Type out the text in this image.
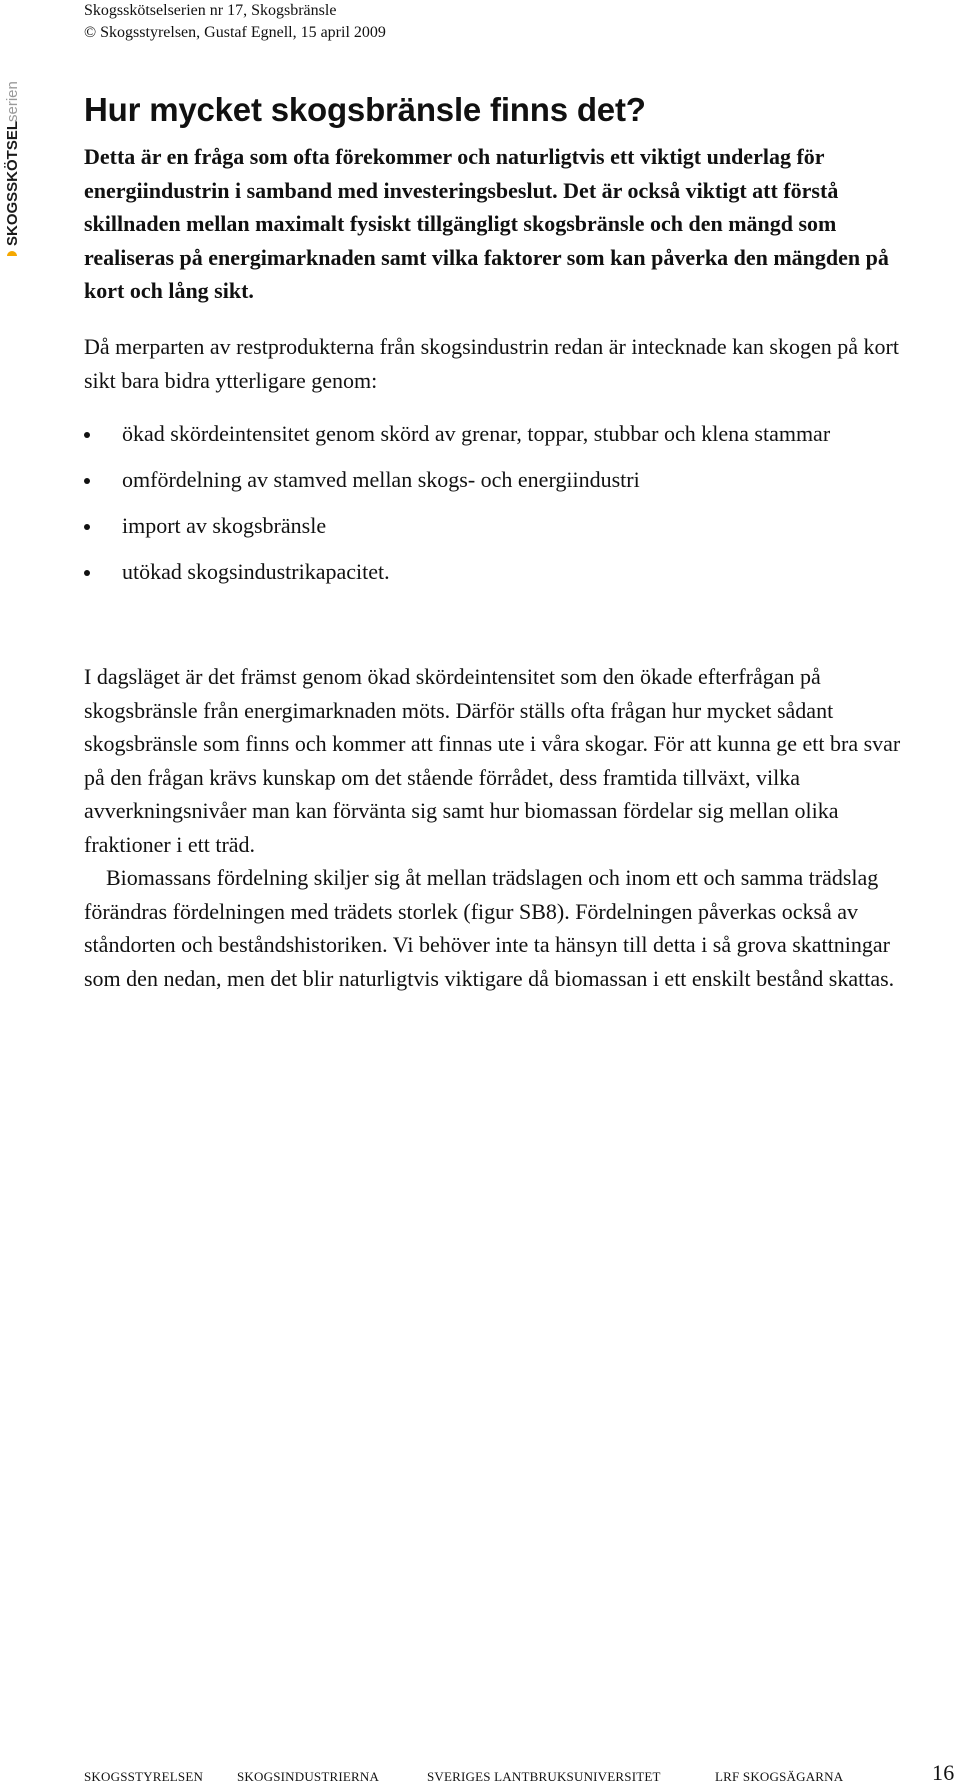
SKOGSSKÖTSEL
serien
Skogsskötselserien nr 17, Skogsbränsle
© Skogsstyrelsen, Gustaf Egnell, 15 april 2009
Hur mycket skogsbränsle finns det?

Detta är en fråga som ofta förekommer och naturligtvis ett viktigt underlag för energiindustrin i samband med investeringsbeslut. Det är också viktigt att förstå skillnaden mellan maximalt fysiskt tillgängligt skogsbränsle och den mängd som realiseras på energimarknaden samt vilka faktorer som kan påverka den mängden på kort och lång sikt.

Då merparten av restprodukterna från skogsindustrin redan är intecknade kan skogen på kort sikt bara bidra ytterligare genom:

ökad skördeintensitet genom skörd av grenar, toppar, stubbar och klena stammar
omfördelning av stamved mellan skogs- och energiindustri
import av skogsbränsle
utökad skogsindustrikapacitet.

I dagsläget är det främst genom ökad skördeintensitet som den ökade efterfrågan på skogsbränsle från energimarknaden möts. Därför ställs ofta frågan hur mycket sådant skogsbränsle som finns och kommer att finnas ute i våra skogar. För att kunna ge ett bra svar på den frågan krävs kunskap om det stående förrådet, dess framtida tillväxt, vilka avverkningsnivåer man kan förvänta sig samt hur biomassan fördelar sig mellan olika fraktioner i ett träd.

Biomassans fördelning skiljer sig åt mellan trädslagen och inom ett och samma trädslag förändras fördelningen med trädets storlek (figur SB8). Fördelningen påverkas också av ståndorten och beståndshistoriken. Vi behöver inte ta hänsyn till detta i så grova skattningar som den nedan, men det blir naturligtvis viktigare då biomassan i ett enskilt bestånd skattas.

SKOGSSTYRELSEN	SKOGSINDUSTRIERNA	SVERIGES LANTBRUKSUNIVERSITET	LRF SKOGSÄGARNA	16
